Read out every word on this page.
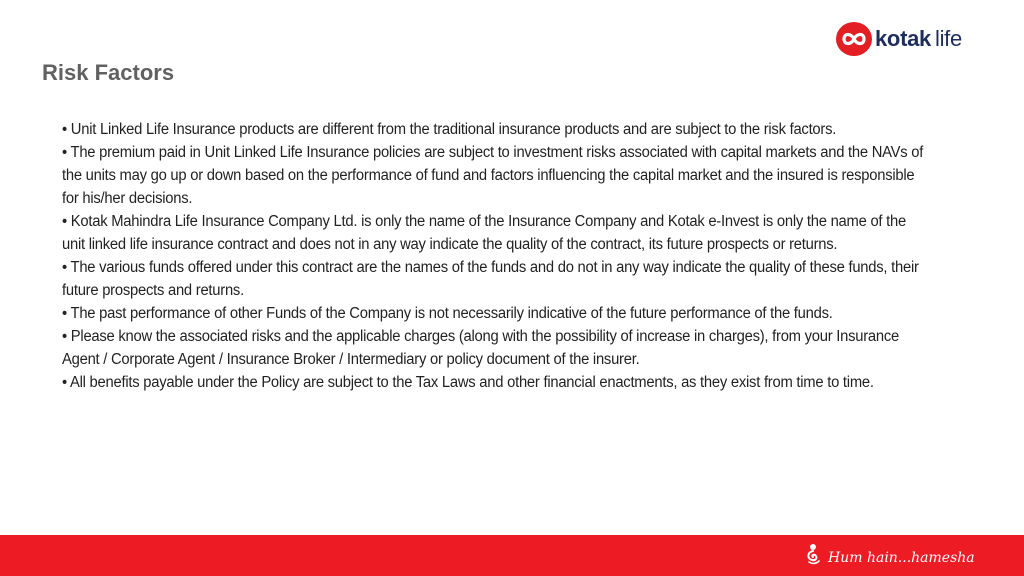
kotak life
Risk Factors

• Unit Linked Life Insurance products are different from the traditional insurance products and are subject to the risk factors.

• The premium paid in Unit Linked Life Insurance policies are subject to investment risks associated with capital markets and the NAVs of the units may go up or down based on the performance of fund and factors influencing the capital market and the insured is responsible for his/her decisions.

• Kotak Mahindra Life Insurance Company Ltd. is only the name of the Insurance Company and Kotak e-Invest is only the name of the unit linked life insurance contract and does not in any way indicate the quality of the contract, its future prospects or returns.

• The various funds offered under this contract are the names of the funds and do not in any way indicate the quality of these funds, their future prospects and returns.

• The past performance of other Funds of the Company is not necessarily indicative of the future performance of the funds.

• Please know the associated risks and the applicable charges (along with the possibility of increase in charges), from your Insurance Agent / Corporate Agent / Insurance Broker / Intermediary or policy document of the insurer.

• All benefits payable under the Policy are subject to the Tax Laws and other financial enactments, as they exist from time to time.

Hum hain...hamesha
